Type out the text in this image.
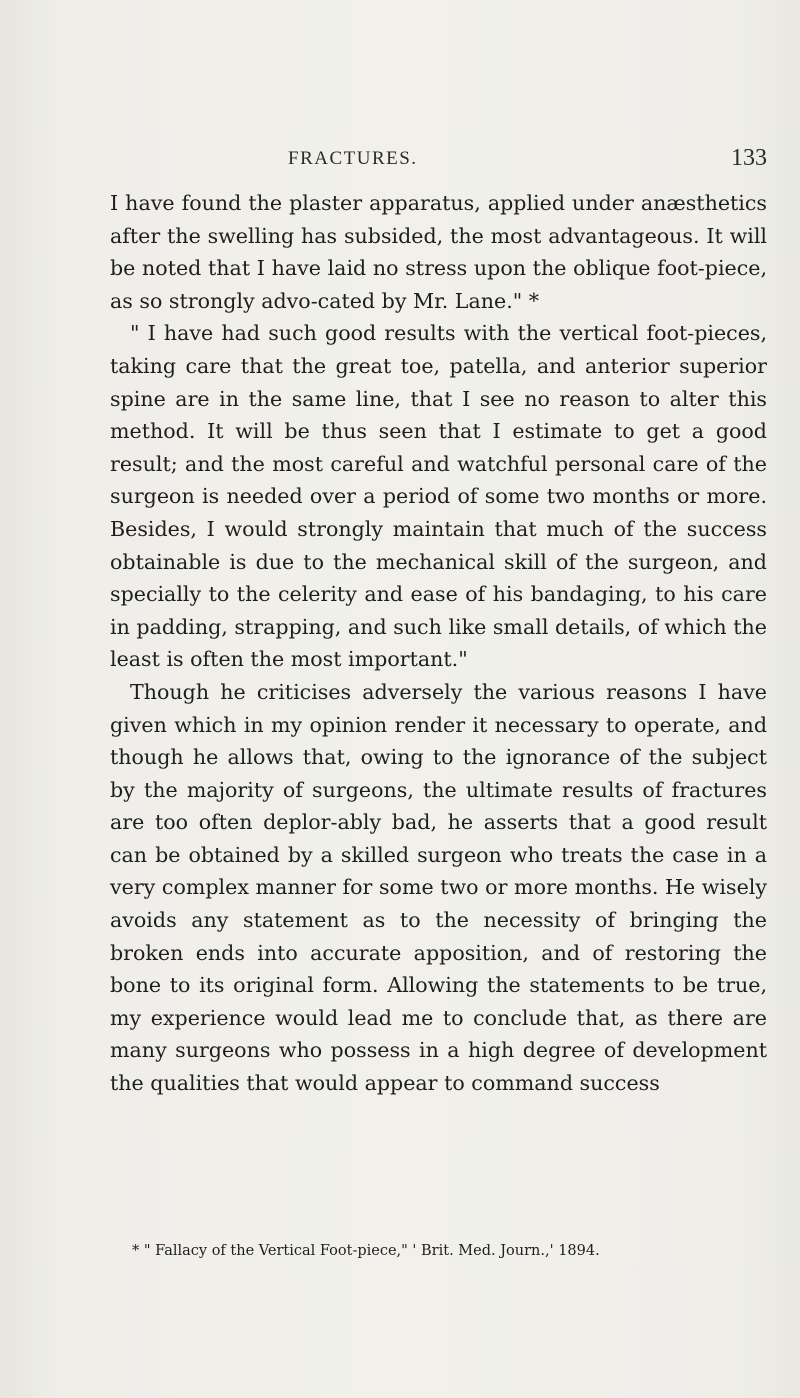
FRACTURES.	133

I have found the plaster apparatus, applied under anæsthetics after the swelling has subsided, the most advantageous. It will be noted that I have laid no stress upon the oblique foot-piece, as so strongly advo-cated by Mr. Lane." *

" I have had such good results with the vertical foot-pieces, taking care that the great toe, patella, and anterior superior spine are in the same line, that I see no reason to alter this method. It will be thus seen that I estimate to get a good result; and the most careful and watchful personal care of the surgeon is needed over a period of some two months or more. Besides, I would strongly maintain that much of the success obtainable is due to the mechanical skill of the surgeon, and specially to the celerity and ease of his bandaging, to his care in padding, strapping, and such like small details, of which the least is often the most important."

Though he criticises adversely the various reasons I have given which in my opinion render it necessary to operate, and though he allows that, owing to the ignorance of the subject by the majority of surgeons, the ultimate results of fractures are too often deplor-ably bad, he asserts that a good result can be obtained by a skilled surgeon who treats the case in a very complex manner for some two or more months. He wisely avoids any statement as to the necessity of bringing the broken ends into accurate apposition, and of restoring the bone to its original form. Allowing the statements to be true, my experience would lead me to conclude that, as there are many surgeons who possess in a high degree of development the qualities that would appear to command success

* " Fallacy of the Vertical Foot-piece," ' Brit. Med. Journ.,' 1894.
